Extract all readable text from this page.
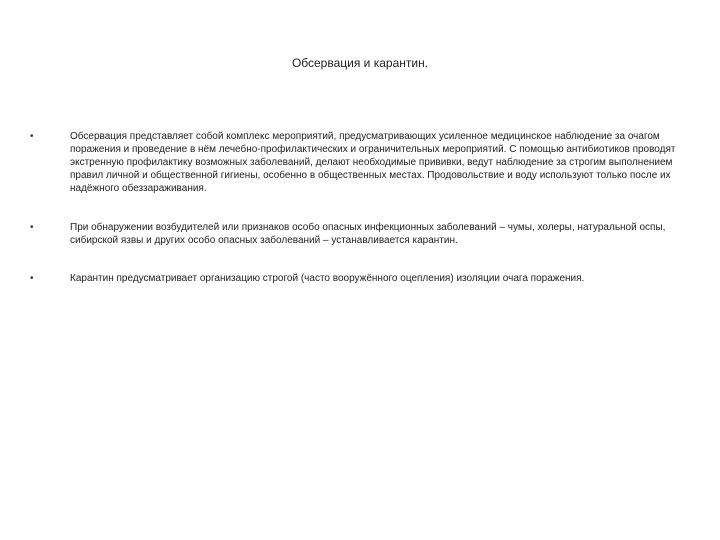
Обсервация и карантин.
•	Обсервация представляет собой комплекс мероприятий, предусматривающих усиленное медицинское наблюдение за очагом поражения и проведение в нём лечебно-профилактических и ограничительных мероприятий. С помощью антибиотиков проводят экстренную профилактику возможных заболеваний, делают необходимые прививки, ведут наблюдение за строгим выполнением правил личной и общественной гигиены, особенно в общественных местах. Продовольствие и воду используют только после их надёжного обеззараживания.
•	При обнаружении возбудителей или признаков особо опасных инфекционных заболеваний – чумы, холеры, натуральной оспы, сибирской язвы и других особо опасных заболеваний – устанавливается карантин.
•	Карантин предусматривает организацию строгой (часто вооружённого оцепления) изоляции очага поражения.
